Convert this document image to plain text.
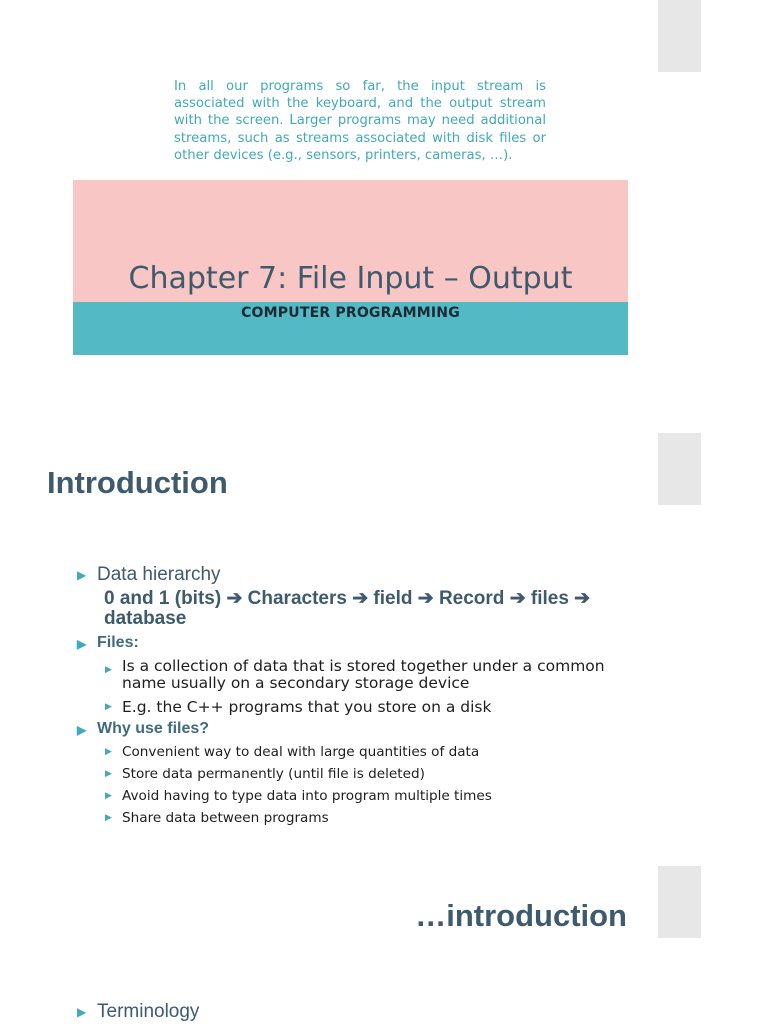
In all our programs so far, the input stream is associated with the keyboard, and the output stream with the screen. Larger programs may need additional streams, such as streams associated with disk files or other devices (e.g., sensors, printers, cameras, …).

Chapter 7: File Input – Output
COMPUTER PROGRAMMING
Introduction
▶ Data hierarchy
0 and 1 (bits) ➔ Characters ➔ field ➔ Record ➔ files ➔ database
▶ Files:
▶ Is a collection of data that is stored together under a common name usually on a secondary storage device
▶ E.g. the C++ programs that you store on a disk
▶ Why use files?
▶ Convenient way to deal with large quantities of data
▶ Store data permanently (until file is deleted)
▶ Avoid having to type data into program multiple times
▶ Share data between programs
…introduction
▶ Terminology
